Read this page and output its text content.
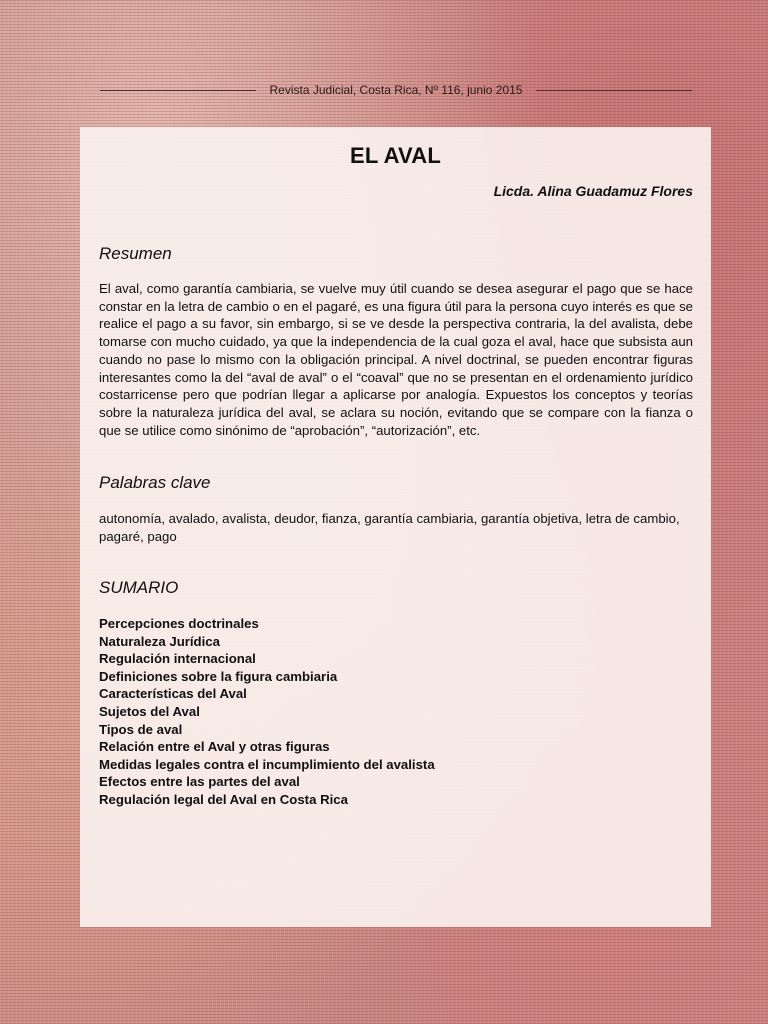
Revista Judicial, Costa Rica, Nº 116, junio 2015
EL AVAL
Licda. Alina Guadamuz Flores
Resumen

El aval, como garantía cambiaria, se vuelve muy útil cuando se desea asegurar el pago que se hace constar en la letra de cambio o en el pagaré, es una figura útil para la persona cuyo interés es que se realice el pago a su favor, sin embargo, si se ve desde la perspectiva contraria, la del avalista, debe tomarse con mucho cuidado, ya que la independencia de la cual goza el aval, hace que subsista aun cuando no pase lo mismo con la obligación principal. A nivel doctrinal, se pueden encontrar figuras interesantes como la del “aval de aval” o el “coaval” que no se presentan en el ordenamiento jurídico costarricense pero que podrían llegar a aplicarse por analogía. Expuestos los conceptos y teorías sobre la naturaleza jurídica del aval, se aclara su noción, evitando que se compare con la fianza o que se utilice como sinónimo de “aprobación”, “autorización”, etc.

Palabras clave

autonomía, avalado, avalista, deudor, fianza, garantía cambiaria, garantía objetiva, letra de cambio, pagaré, pago

SUMARIO
Percepciones doctrinales
Naturaleza Jurídica
Regulación internacional
Definiciones sobre la figura cambiaria
Características del Aval
Sujetos del Aval
Tipos de aval
Relación entre el Aval y otras figuras
Medidas legales contra el incumplimiento del avalista
Efectos entre las partes del aval
Regulación legal del Aval en Costa Rica
